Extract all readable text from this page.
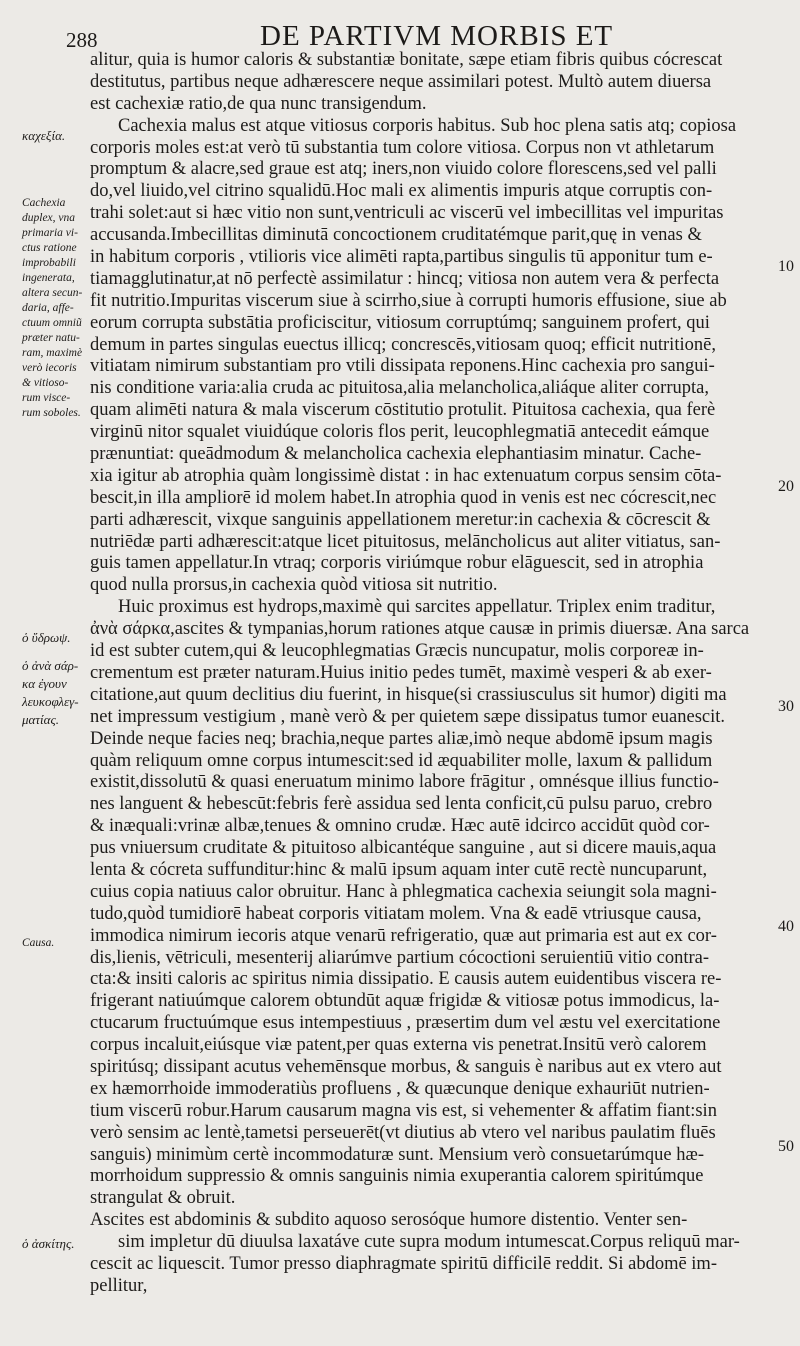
288	DE PARTIVM MORBIS ET
alitur, quia is humor caloris & substantiæ bonitate, sæpe etiam fibris quibus cócrescat
destitutus, partibus neque adhærescere neque assimilari potest. Multò autem diuersa
est cachexiæ ratio,de qua nunc transigendum.
Cachexia malus est atque vitiosus corporis habitus. Sub hoc plena satis atq; copiosa
corporis moles est:at verò tū substantia tum colore vitiosa. Corpus non vt athletarum
promptum & alacre,sed graue est atq; iners,non viuido colore florescens,sed vel palli
do,vel liuido,vel citrino squalidū.Hoc mali ex alimentis impuris atque corruptis con-
trahi solet:aut si hæc vitio non sunt,ventriculi ac viscerū vel imbecillitas vel impuritas
accusanda.Imbecillitas diminutā concoctionem cruditatémque parit,quę in venas &
in habitum corporis , vtilioris vice alimēti rapta,partibus singulis tū apponitur tum e-
tiamagglutinatur,at nō perfectè assimilatur : hincq; vitiosa non autem vera & perfecta
fit nutritio.Impuritas viscerum siue à scirrho,siue à corrupti humoris effusione, siue ab
eorum corrupta substātia proficiscitur, vitiosum corruptúmq; sanguinem profert, qui
demum in partes singulas euectus illicq; concrescēs,vitiosam quoq; efficit nutritionē,
vitiatam nimirum substantiam pro vtili dissipata reponens.Hinc cachexia pro sangui-
nis conditione varia:alia cruda ac pituitosa,alia melancholica,aliáque aliter corrupta,
quam alimēti natura & mala viscerum cōstitutio protulit. Pituitosa cachexia, qua ferè
virginū nitor squalet viuidúque coloris flos perit, leucophlegmatiā antecedit eámque
prænuntiat: queādmodum & melancholica cachexia elephantiasim minatur. Cache-
xia igitur ab atrophia quàm longissimè distat : in hac extenuatum corpus sensim cōta-
bescit,in illa ampliorē id molem habet.In atrophia quod in venis est nec cócrescit,nec
parti adhærescit, vixque sanguinis appellationem meretur:in cachexia & cōcrescit &
nutriēdæ parti adhærescit:atque licet pituitosus, melāncholicus aut aliter vitiatus, san-
guis tamen appellatur.In vtraq; corporis viriúmque robur elāguescit, sed in atrophia
quod nulla prorsus,in cachexia quòd vitiosa sit nutritio.
Huic proximus est hydrops,maximè qui sarcites appellatur. Triplex enim traditur,
ἀνὰ σάρκα,ascites & tympanias,horum rationes atque causæ in primis diuersæ. Ana sarca
id est subter cutem,qui & leucophlegmatias Græcis nuncupatur, molis corporeæ in-
crementum est præter naturam.Huius initio pedes tumēt, maximè vesperi & ab exer-
citatione,aut quum declitius diu fuerint, in hisque(si crassiusculus sit humor) digiti ma
net impressum vestigium , manè verò & per quietem sæpe dissipatus tumor euanescit.
Deinde neque facies neq; brachia,neque partes aliæ,imò neque abdomē ipsum magis
quàm reliquum omne corpus intumescit:sed id æquabiliter molle, laxum & pallidum
existit,dissolutū & quasi eneruatum minimo labore frāgitur , omnésque illius functio-
nes languent & hebescūt:febris ferè assidua sed lenta conficit,cū pulsu paruo, crebro
& inæquali:vrinæ albæ,tenues & omnino crudæ. Hæc autē idcirco accidūt quòd cor-
pus vniuersum cruditate & pituitoso albicantéque sanguine , aut si dicere mauis,aqua
lenta & cócreta suffunditur:hinc & malū ipsum aquam inter cutē rectè nuncuparunt,
cuius copia natiuus calor obruitur. Hanc à phlegmatica cachexia seiungit sola magni-
tudo,quòd tumidiorē habeat corporis vitiatam molem. Vna & eadē vtriusque causa,
immodica nimirum iecoris atque venarū refrigeratio, quæ aut primaria est aut ex cor-
dis,lienis, vētriculi, mesenterij aliarúmve partium cócoctioni seruientiū vitio contra-
cta:& insiti caloris ac spiritus nimia dissipatio. E causis autem euidentibus viscera re-
frigerant natiuúmque calorem obtundūt aquæ frigidæ & vitiosæ potus immodicus, la-
ctucarum fructuúmque esus intempestiuus , præsertim dum vel æstu vel exercitatione
corpus incaluit,eiúsque viæ patent,per quas externa vis penetrat.Insitū verò calorem
spiritúsq; dissipant acutus vehemēnsque morbus, & sanguis è naribus aut ex vtero aut
ex hæmorrhoide immoderatiùs profluens , & quæcunque denique exhauriūt nutrien-
tium viscerū robur.Harum causarum magna vis est, si vehementer & affatim fiant:sin
verò sensim ac lentè,tametsi perseuerēt(vt diutius ab vtero vel naribus paulatim fluēs
sanguis) minimùm certè incommodaturæ sunt. Mensium verò consuetarúmque hæ-
morrhoidum suppressio & omnis sanguinis nimia exuperantia calorem spiritúmque
strangulat & obruit.
Ascites est abdominis & subdito aquoso serosóque humore distentio. Venter sen-
sim impletur dū diuulsa laxatáve cute supra modum intumescat.Corpus reliquū mar-
cescit ac liquescit. Tumor presso diaphragmate spiritū difficilē reddit. Si abdomē im-
pellitur,
καχεξία.
Cachexia
duplex, vna
primaria vi-
ctus ratione
improbabili
ingenerata,
altera secun-
daria, affe-
ctuum omniũ
præter natu-
ram, maximè
verò iecoris
& vitioso-
rum visce-
rum soboles.
ὁ ὕδρωψ.
ὁ ἀνὰ σάρ-
κα ἐγουν
λευκοφλεγ-
ματίας.
Causa.
ὁ ἀσκίτης.
10
20
30
40
50
